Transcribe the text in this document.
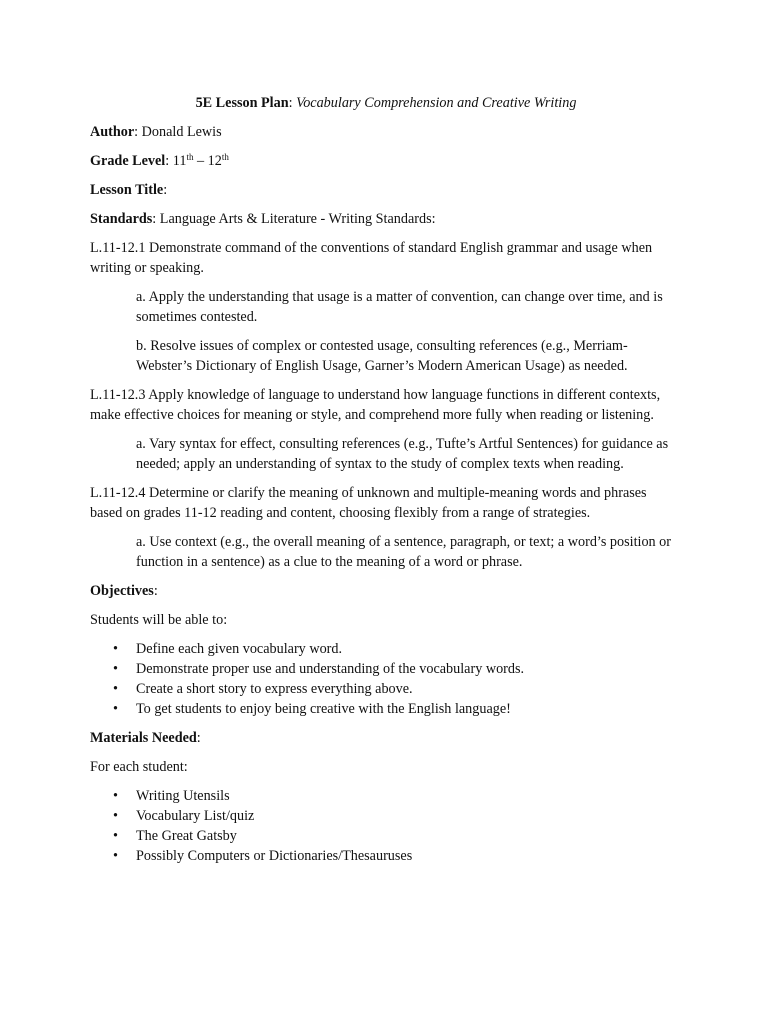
5E Lesson Plan: Vocabulary Comprehension and Creative Writing

Author: Donald Lewis

Grade Level: 11th – 12th

Lesson Title:

Standards: Language Arts & Literature - Writing Standards:

L.11-12.1 Demonstrate command of the conventions of standard English grammar and usage when writing or speaking.

a. Apply the understanding that usage is a matter of convention, can change over time, and is sometimes contested.

b. Resolve issues of complex or contested usage, consulting references (e.g., Merriam-Webster’s Dictionary of English Usage, Garner’s Modern American Usage) as needed.

L.11-12.3 Apply knowledge of language to understand how language functions in different contexts, make effective choices for meaning or style, and comprehend more fully when reading or listening.

a. Vary syntax for effect, consulting references (e.g., Tufte’s Artful Sentences) for guidance as needed; apply an understanding of syntax to the study of complex texts when reading.

L.11-12.4 Determine or clarify the meaning of unknown and multiple-meaning words and phrases based on grades 11-12 reading and content, choosing flexibly from a range of strategies.

a. Use context (e.g., the overall meaning of a sentence, paragraph, or text; a word’s position or function in a sentence) as a clue to the meaning of a word or phrase.

Objectives:

Students will be able to:

• Define each given vocabulary word.
• Demonstrate proper use and understanding of the vocabulary words.
• Create a short story to express everything above.
• To get students to enjoy being creative with the English language!

Materials Needed:

For each student:

• Writing Utensils
• Vocabulary List/quiz
• The Great Gatsby
• Possibly Computers or Dictionaries/Thesauruses
